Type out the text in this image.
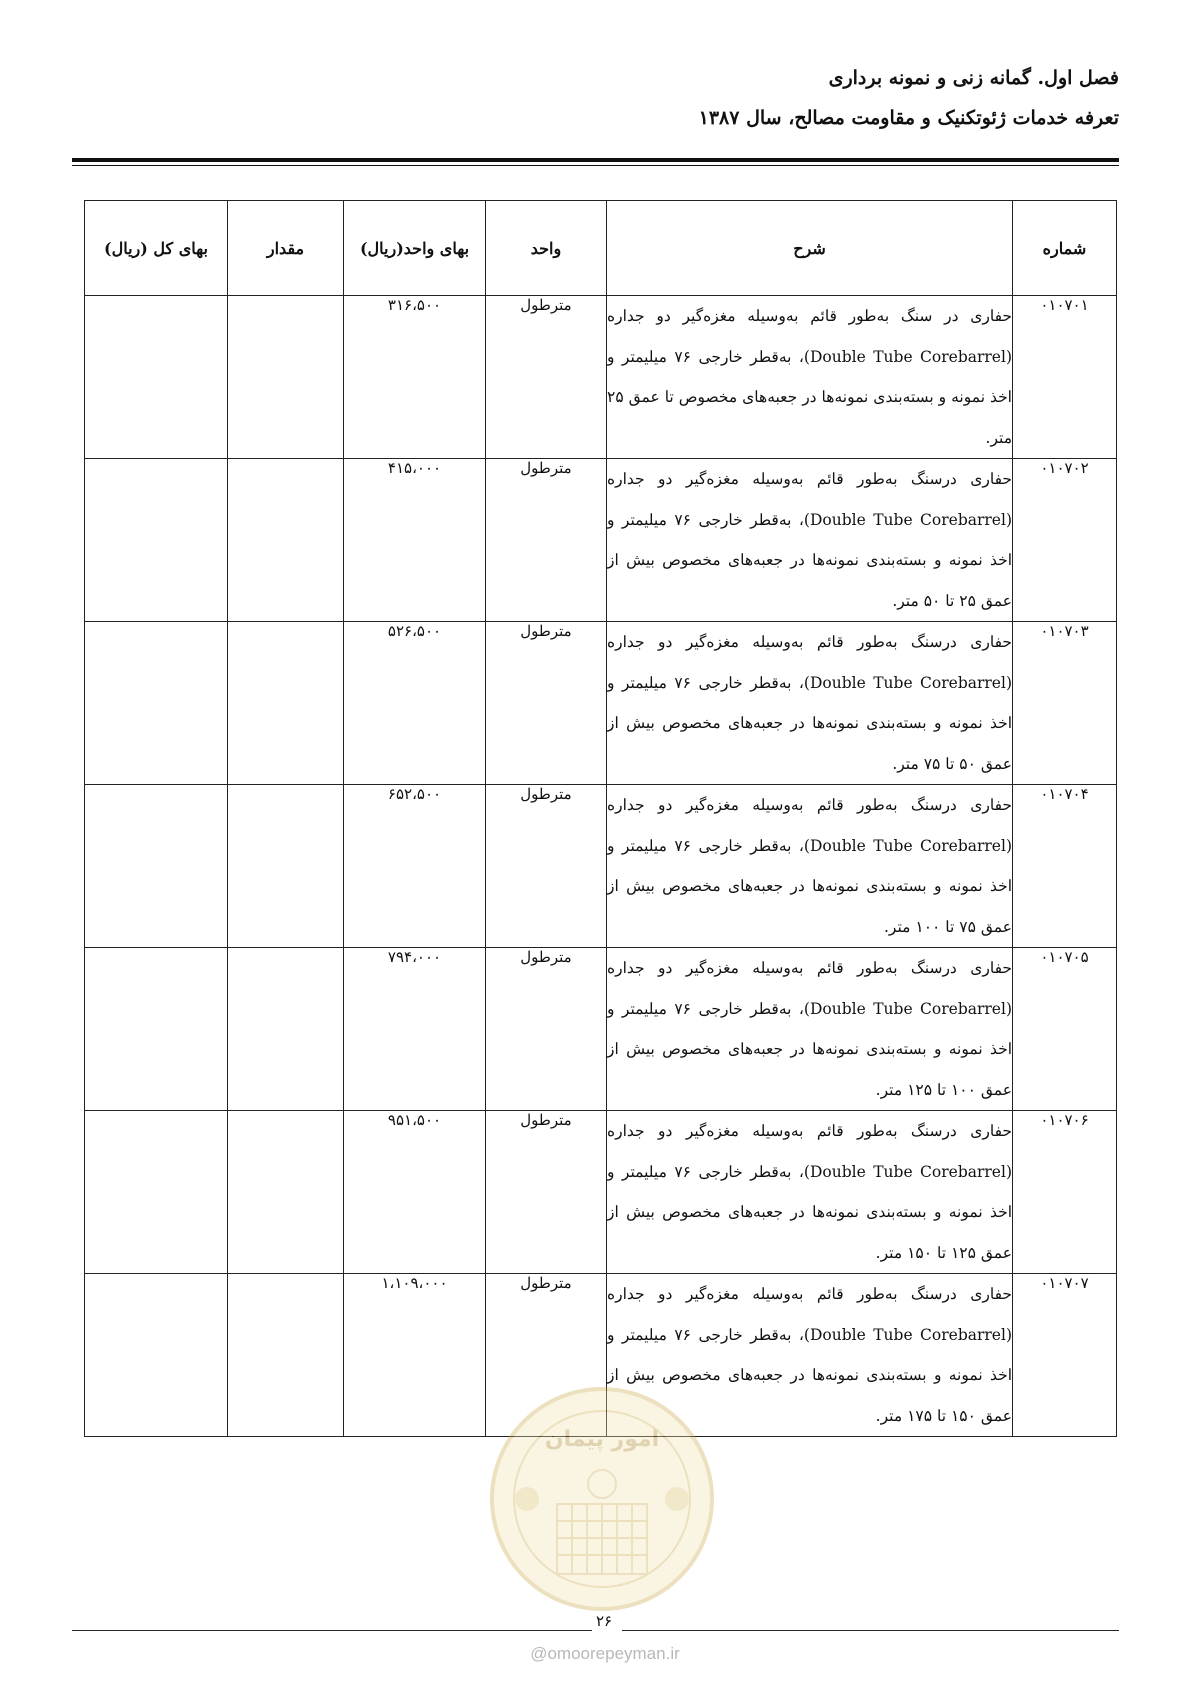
فصل اول. گمانه زنی و نمونه برداری
تعرفه خدمات ژئوتکنیک و مقاومت مصالح، سال ۱۳۸۷
شماره	شرح	واحد	بهای واحد(ریال)	مقدار	بهای کل (ریال)
۰۱۰۷۰۱	حفاری در سنگ به‌طور قائم به‌وسیله مغزه‌گیر دو جداره (Double Tube Corebarrel)، به‌قطر خارجی ۷۶ میلیمتر و اخذ نمونه و بسته‌بندی نمونه‌ها در جعبه‌های مخصوص تا عمق ۲۵ متر.	مترطول	۳۱۶،۵۰۰		
۰۱۰۷۰۲	حفاری درسنگ به‌طور قائم به‌وسیله مغزه‌گیر دو جداره (Double Tube Corebarrel)، به‌قطر خارجی ۷۶ میلیمتر و اخذ نمونه و بسته‌بندی نمونه‌ها در جعبه‌های مخصوص بیش از عمق ۲۵ تا ۵۰ متر.	مترطول	۴۱۵،۰۰۰		
۰۱۰۷۰۳	حفاری درسنگ به‌طور قائم به‌وسیله مغزه‌گیر دو جداره (Double Tube Corebarrel)، به‌قطر خارجی ۷۶ میلیمتر و اخذ نمونه و بسته‌بندی نمونه‌ها در جعبه‌های مخصوص بیش از عمق ۵۰ تا ۷۵ متر.	مترطول	۵۲۶،۵۰۰		
۰۱۰۷۰۴	حفاری درسنگ به‌طور قائم به‌وسیله مغزه‌گیر دو جداره (Double Tube Corebarrel)، به‌قطر خارجی ۷۶ میلیمتر و اخذ نمونه و بسته‌بندی نمونه‌ها در جعبه‌های مخصوص بیش از عمق ۷۵ تا ۱۰۰ متر.	مترطول	۶۵۲،۵۰۰		
۰۱۰۷۰۵	حفاری درسنگ به‌طور قائم به‌وسیله مغزه‌گیر دو جداره (Double Tube Corebarrel)، به‌قطر خارجی ۷۶ میلیمتر و اخذ نمونه و بسته‌بندی نمونه‌ها در جعبه‌های مخصوص بیش از عمق ۱۰۰ تا ۱۲۵ متر.	مترطول	۷۹۴،۰۰۰		
۰۱۰۷۰۶	حفاری درسنگ به‌طور قائم به‌وسیله مغزه‌گیر دو جداره (Double Tube Corebarrel)، به‌قطر خارجی ۷۶ میلیمتر و اخذ نمونه و بسته‌بندی نمونه‌ها در جعبه‌های مخصوص بیش از عمق ۱۲۵ تا ۱۵۰ متر.	مترطول	۹۵۱،۵۰۰		
۰۱۰۷۰۷	حفاری درسنگ به‌طور قائم به‌وسیله مغزه‌گیر دو جداره (Double Tube Corebarrel)، به‌قطر خارجی ۷۶ میلیمتر و اخذ نمونه و بسته‌بندی نمونه‌ها در جعبه‌های مخصوص بیش از عمق ۱۵۰ تا ۱۷۵ متر.	مترطول	۱،۱۰۹،۰۰۰		
امور پیمان
۲۶
@omoorepeyman.ir
